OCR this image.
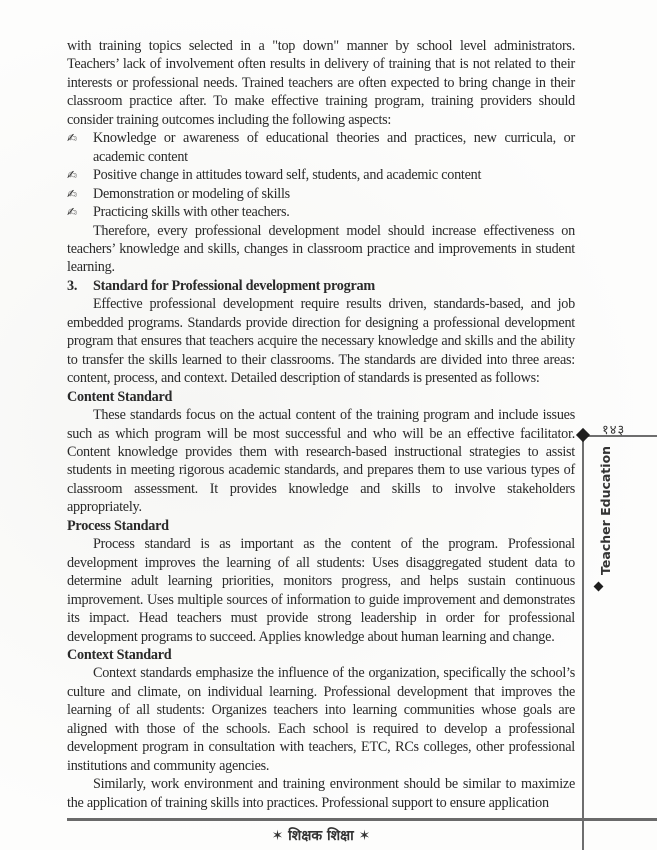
with training topics selected in a "top down" manner by school level administrators. Teachers’ lack of involvement often results in delivery of training that is not related to their interests or professional needs. Trained teachers are often expected to bring change in their classroom practice after. To make effective training program, training providers should consider training outcomes including the following aspects:

✍	Knowledge or awareness of educational theories and practices, new curricula, or academic content
✍	Positive change in attitudes toward self, students, and academic content
✍	Demonstration or modeling of skills
✍	Practicing skills with other teachers.

Therefore, every professional development model should increase effectiveness on teachers’ knowledge and skills, changes in classroom practice and improvements in student learning.

3.	Standard for Professional development program

Effective professional development require results driven, standards-based, and job embedded programs. Standards provide direction for designing a professional development program that ensures that teachers acquire the necessary knowledge and skills and the ability to transfer the skills learned to their classrooms. The standards are divided into three areas: content, process, and context. Detailed description of standards is presented as follows:

Content Standard

These standards focus on the actual content of the training program and include issues such as which program will be most successful and who will be an effective facilitator. Content knowledge provides them with research-based instructional strategies to assist students in meeting rigorous academic standards, and prepares them to use various types of classroom assessment. It provides knowledge and skills to involve stakeholders appropriately.

Process Standard

Process standard is as important as the content of the program. Professional development improves the learning of all students: Uses disaggregated student data to determine adult learning priorities, monitors progress, and helps sustain continuous improvement. Uses multiple sources of information to guide improvement and demonstrates its impact. Head teachers must provide strong leadership in order for professional development programs to succeed. Applies knowledge about human learning and change.

Context Standard

Context standards emphasize the influence of the organization, specifically the school’s culture and climate, on individual learning. Professional development that improves the learning of all students: Organizes teachers into learning communities whose goals are aligned with those of the schools. Each school is required to develop a professional development program in consultation with teachers, ETC, RCs colleges, other professional institutions and community agencies.

Similarly, work environment and training environment should be similar to maximize the application of training skills into practices. Professional support to ensure application

१४३
Teacher Education
✶ शिक्षक शिक्षा ✶
